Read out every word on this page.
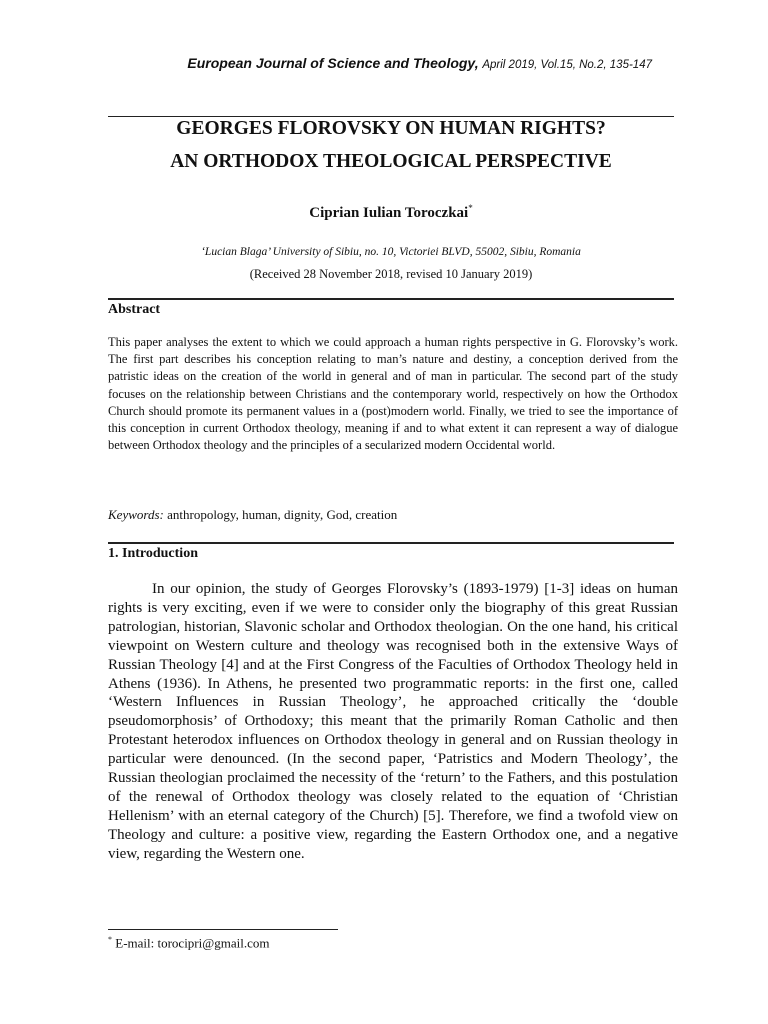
European Journal of Science and Theology, April 2019, Vol.15, No.2, 135-147
GEORGES FLOROVSKY ON HUMAN RIGHTS?
AN ORTHODOX THEOLOGICAL PERSPECTIVE
Ciprian Iulian Toroczkai*
‘Lucian Blaga’ University of Sibiu, no. 10, Victoriei BLVD, 55002, Sibiu, Romania
(Received 28 November 2018, revised 10 January 2019)
Abstract
This paper analyses the extent to which we could approach a human rights perspective in G. Florovsky’s work. The first part describes his conception relating to man’s nature and destiny, a conception derived from the patristic ideas on the creation of the world in general and of man in particular. The second part of the study focuses on the relationship between Christians and the contemporary world, respectively on how the Orthodox Church should promote its permanent values in a (post)modern world. Finally, we tried to see the importance of this conception in current Orthodox theology, meaning if and to what extent it can represent a way of dialogue between Orthodox theology and the principles of a secularized modern Occidental world.
Keywords: anthropology, human, dignity, God, creation
1. Introduction

In our opinion, the study of Georges Florovsky’s (1893-1979) [1-3] ideas on human rights is very exciting, even if we were to consider only the biography of this great Russian patrologian, historian, Slavonic scholar and Orthodox theologian. On the one hand, his critical viewpoint on Western culture and theology was recognised both in the extensive Ways of Russian Theology [4] and at the First Congress of the Faculties of Orthodox Theology held in Athens (1936). In Athens, he presented two programmatic reports: in the first one, called ‘Western Influences in Russian Theology’, he approached critically the ‘double pseudomorphosis’ of Orthodoxy; this meant that the primarily Roman Catholic and then Protestant heterodox influences on Orthodox theology in general and on Russian theology in particular were denounced. (In the second paper, ‘Patristics and Modern Theology’, the Russian theologian proclaimed the necessity of the ‘return’ to the Fathers, and this postulation of the renewal of Orthodox theology was closely related to the equation of ‘Christian Hellenism’ with an eternal category of the Church) [5]. Therefore, we find a twofold view on Theology and culture: a positive view, regarding the Eastern Orthodox one, and a negative view, regarding the Western one.

* E-mail: torocipri@gmail.com
